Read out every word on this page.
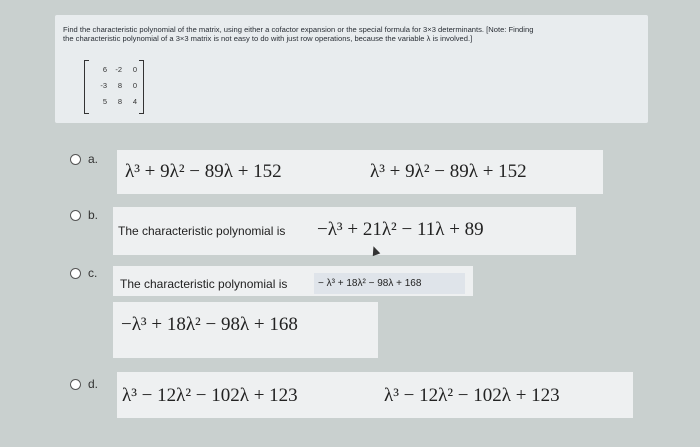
Find the characteristic polynomial of the matrix, using either a cofactor expansion or the special formula for 3×3 determinants. [Note: Finding
the characteristic polynomial of a 3×3 matrix is not easy to do with just row operations, because the variable λ is involved.]
6 -2 0
-3 8 0
5 8 4
a.
λ³ + 9λ² − 89λ + 152	λ³ + 9λ² − 89λ + 152
b.
The characteristic polynomial is −λ³ + 21λ² − 11λ + 89
c.
The characteristic polynomial is	− λ³ + 18λ² − 98λ + 168
−λ³ + 18λ² − 98λ + 168
d.
λ³ − 12λ² − 102λ + 123	λ³ − 12λ² − 102λ + 123
